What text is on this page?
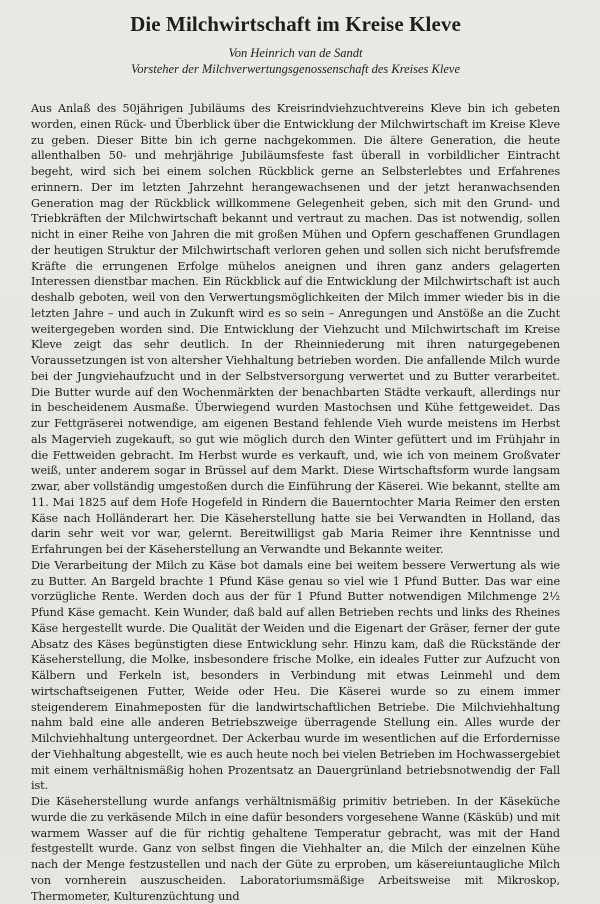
Die Milchwirtschaft im Kreise Kleve

Von Heinrich van de Sandt

Vorsteher der Milchverwertungsgenossenschaft des Kreises Kleve

Aus Anlaß des 50jährigen Jubiläums des Kreisrindviehzuchtvereins Kleve bin ich gebeten worden, einen Rück- und Überblick über die Entwicklung der Milchwirtschaft im Kreise Kleve zu geben. Dieser Bitte bin ich gerne nachgekommen. Die ältere Generation, die heute allenthalben 50- und mehrjährige Jubiläumsfeste fast überall in vorbildlicher Eintracht begeht, wird sich bei einem solchen Rückblick gerne an Selbsterlebtes und Erfahrenes erinnern. Der im letzten Jahrzehnt herangewachsenen und der jetzt heranwachsenden Generation mag der Rückblick willkommene Gelegenheit geben, sich mit den Grund- und Triebkräften der Milchwirtschaft bekannt und vertraut zu machen. Das ist notwendig, sollen nicht in einer Reihe von Jahren die mit großen Mühen und Opfern geschaffenen Grundlagen der heutigen Struktur der Milchwirtschaft verloren gehen und sollen sich nicht berufsfremde Kräfte die errungenen Erfolge mühelos aneignen und ihren ganz anders gelagerten Interessen dienstbar machen. Ein Rückblick auf die Entwicklung der Milchwirtschaft ist auch deshalb geboten, weil von den Verwertungsmöglichkeiten der Milch immer wieder bis in die letzten Jahre – und auch in Zukunft wird es so sein – Anregungen und Anstöße an die Zucht weitergegeben worden sind. Die Entwicklung der Viehzucht und Milchwirtschaft im Kreise Kleve zeigt das sehr deutlich. In der Rheinniederung mit ihren naturgegebenen Voraussetzungen ist von altersher Viehhaltung betrieben worden. Die anfallende Milch wurde bei der Jungviehaufzucht und in der Selbstversorgung verwertet und zu Butter verarbeitet. Die Butter wurde auf den Wochenmärkten der benachbarten Städte verkauft, allerdings nur in bescheidenem Ausmaße. Überwiegend wurden Mastochsen und Kühe fettgeweidet. Das zur Fettgräserei notwendige, am eigenen Bestand fehlende Vieh wurde meistens im Herbst als Magervieh zugekauft, so gut wie möglich durch den Winter gefüttert und im Frühjahr in die Fettweiden gebracht. Im Herbst wurde es verkauft, und, wie ich von meinem Großvater weiß, unter anderem sogar in Brüssel auf dem Markt. Diese Wirtschaftsform wurde langsam zwar, aber vollständig umgestoßen durch die Einführung der Käserei. Wie bekannt, stellte am 11. Mai 1825 auf dem Hofe Hogefeld in Rindern die Bauerntochter Maria Reimer den ersten Käse nach Holländerart her. Die Käseherstellung hatte sie bei Verwandten in Holland, das darin sehr weit vor war, gelernt. Bereitwilligst gab Maria Reimer ihre Kenntnisse und Erfahrungen bei der Käseherstellung an Verwandte und Bekannte weiter.

Die Verarbeitung der Milch zu Käse bot damals eine bei weitem bessere Verwertung als wie zu Butter. An Bargeld brachte 1 Pfund Käse genau so viel wie 1 Pfund Butter. Das war eine vorzügliche Rente. Werden doch aus der für 1 Pfund Butter notwendigen Milchmenge 2½ Pfund Käse gemacht. Kein Wunder, daß bald auf allen Betrieben rechts und links des Rheines Käse hergestellt wurde. Die Qualität der Weiden und die Eigenart der Gräser, ferner der gute Absatz des Käses begünstigten diese Entwicklung sehr. Hinzu kam, daß die Rückstände der Käseherstellung, die Molke, insbesondere frische Molke, ein ideales Futter zur Aufzucht von Kälbern und Ferkeln ist, besonders in Verbindung mit etwas Leinmehl und dem wirtschaftseigenen Futter, Weide oder Heu. Die Käserei wurde so zu einem immer steigenderem Einahmeposten für die landwirtschaftlichen Betriebe. Die Milchviehhaltung nahm bald eine alle anderen Betriebszweige überragende Stellung ein. Alles wurde der Milchviehhaltung untergeordnet. Der Ackerbau wurde im wesentlichen auf die Erfordernisse der Viehhaltung abgestellt, wie es auch heute noch bei vielen Betrieben im Hochwassergebiet mit einem verhältnismäßig hohen Prozentsatz an Dauergrünland betriebsnotwendig der Fall ist.

Die Käseherstellung wurde anfangs verhältnismäßig primitiv betrieben. In der Käseküche wurde die zu verkäsende Milch in eine dafür besonders vorgesehene Wanne (Käsküb) und mit warmem Wasser auf die für richtig gehaltene Temperatur gebracht, was mit der Hand festgestellt wurde. Ganz von selbst fingen die Viehhalter an, die Milch der einzelnen Kühe nach der Menge festzustellen und nach der Güte zu erproben, um käsereiuntaugliche Milch von vornherein auszuscheiden. Laboratoriumsmäßige Arbeitsweise mit Mikroskop, Thermometer, Kulturenzüchtung und
